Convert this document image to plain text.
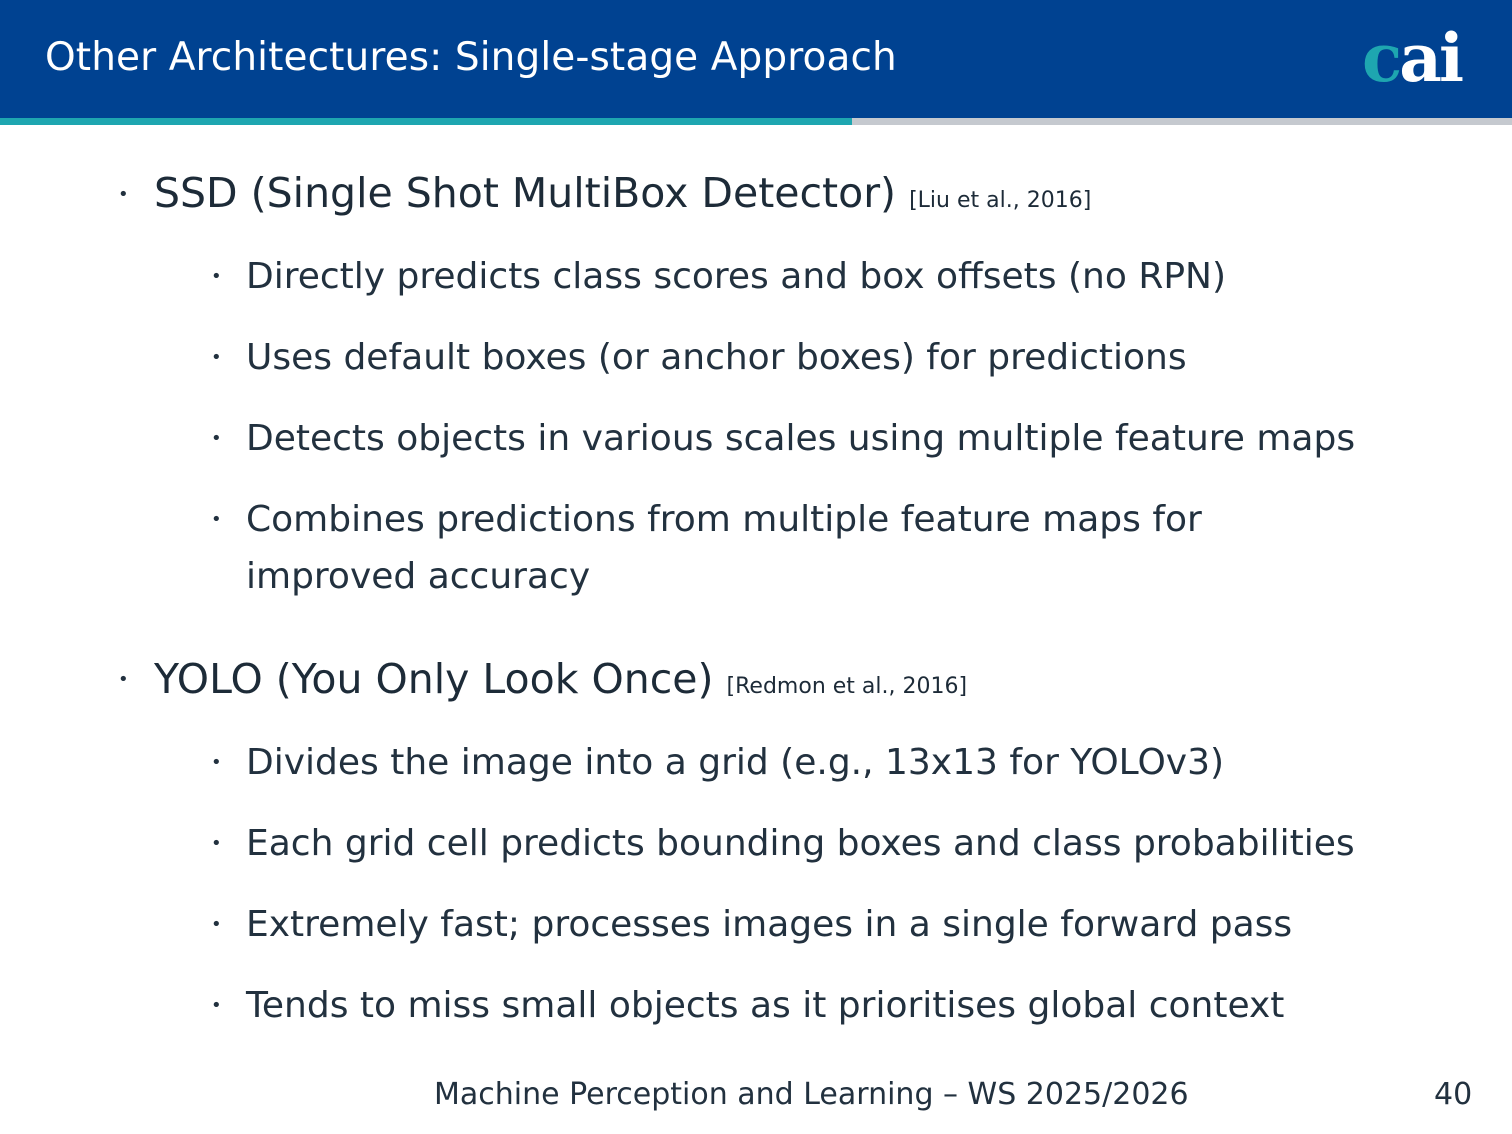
Other Architectures: Single-stage Approach	cai
• SSD (Single Shot MultiBox Detector) [Liu et al., 2016]
• Directly predicts class scores and box offsets (no RPN)
• Uses default boxes (or anchor boxes) for predictions
• Detects objects in various scales using multiple feature maps
• Combines predictions from multiple feature maps for
improved accuracy
• YOLO (You Only Look Once) [Redmon et al., 2016]
• Divides the image into a grid (e.g., 13x13 for YOLOv3)
• Each grid cell predicts bounding boxes and class probabilities
• Extremely fast; processes images in a single forward pass
• Tends to miss small objects as it prioritises global context
Machine Perception and Learning – WS 2025/2026	40
